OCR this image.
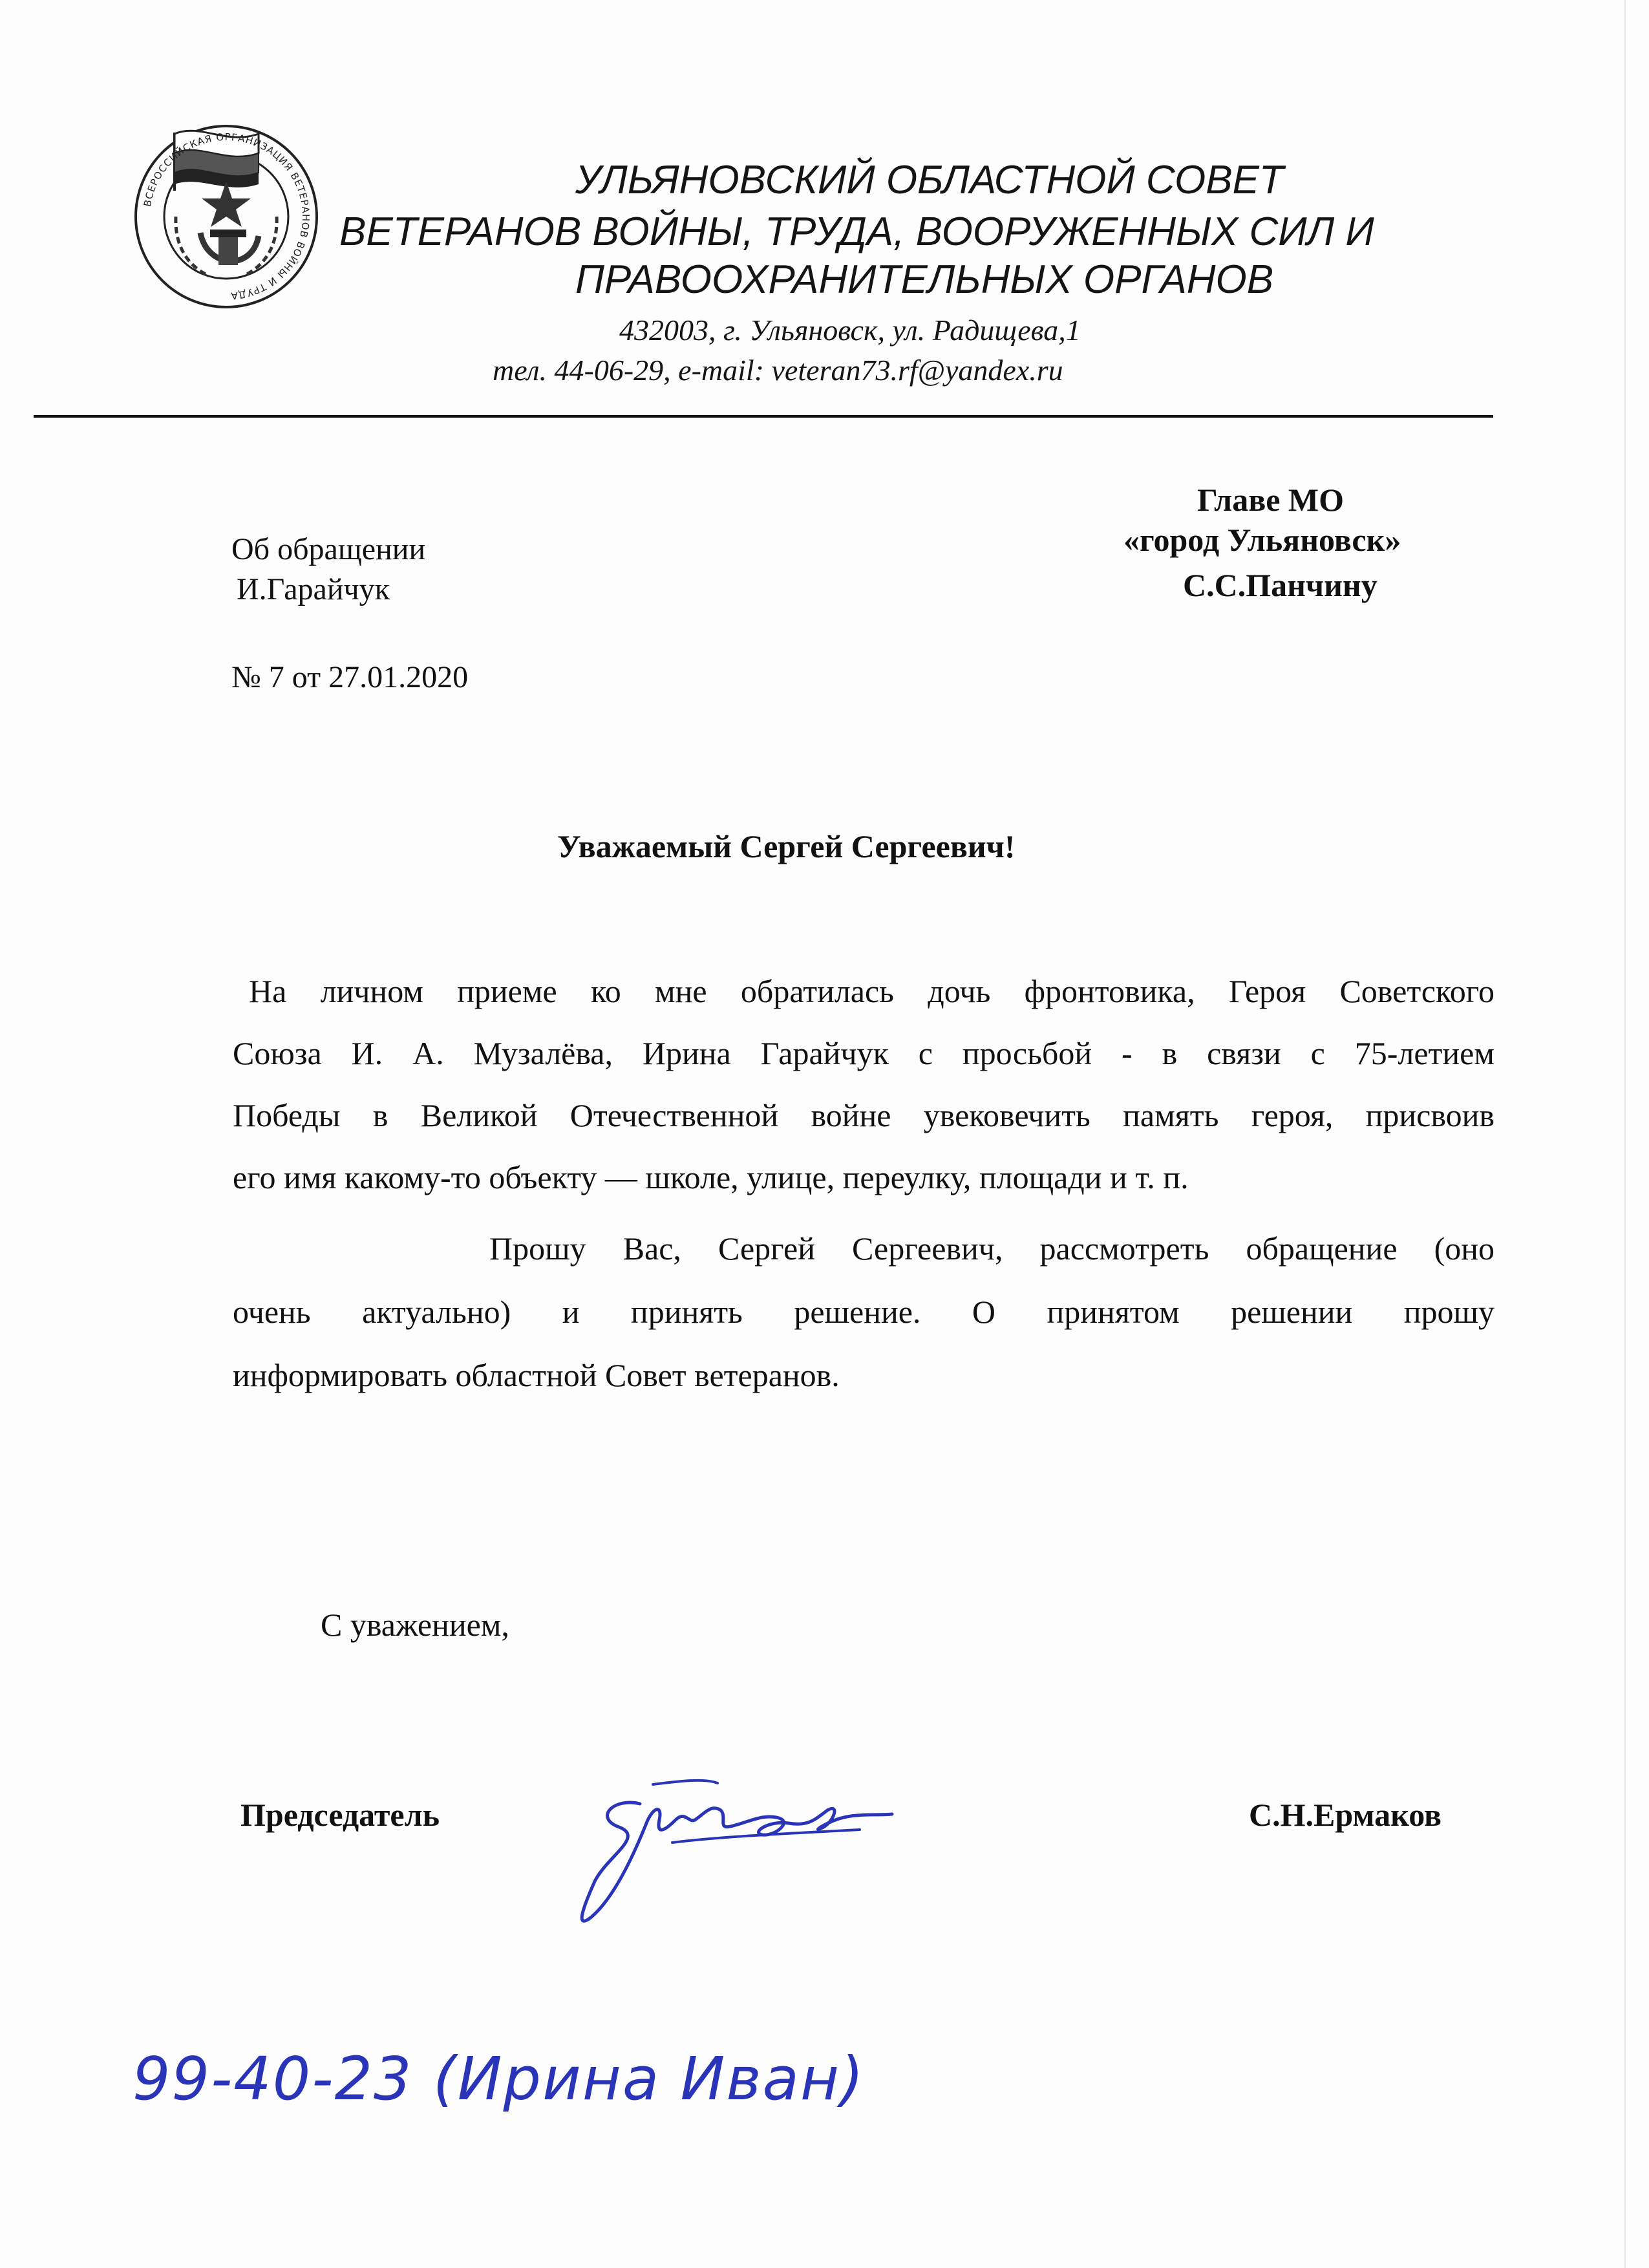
ВСЕРОССИЙСКАЯ ОРГАНИЗАЦИЯ ВЕТЕРАНОВ ВОЙНЫ И ТРУДА
УЛЬЯНОВСКИЙ ОБЛАСТНОЙ СОВЕТ
ВЕТЕРАНОВ ВОЙНЫ, ТРУДА, ВООРУЖЕННЫХ СИЛ И
ПРАВООХРАНИТЕЛЬНЫХ ОРГАНОВ
432003, г. Ульяновск, ул. Радищева,1
тел. 44-06-29, e-mail: veteran73.rf@yandex.ru
Главе МО
«город Ульяновск»
С.С.Панчину
Об обращении
И.Гарайчук
№ 7 от 27.01.2020
Уважаемый Сергей Сергеевич!
На личном приеме ко мне обратилась дочь фронтовика, Героя Советского
Союза И. А. Музалёва, Ирина Гарайчук с просьбой - в связи с 75-летием
Победы в Великой Отечественной войне увековечить память героя, присвоив
его имя какому-то объекту — школе, улице, переулку, площади и т. п.
Прошу Вас, Сергей Сергеевич, рассмотреть обращение (оно
очень актуально) и принять решение. О принятом решении прошу
информировать областной Совет ветеранов.
С уважением,
Председатель	С.Н.Ермаков
99-40-23 (Ирина Иван)
